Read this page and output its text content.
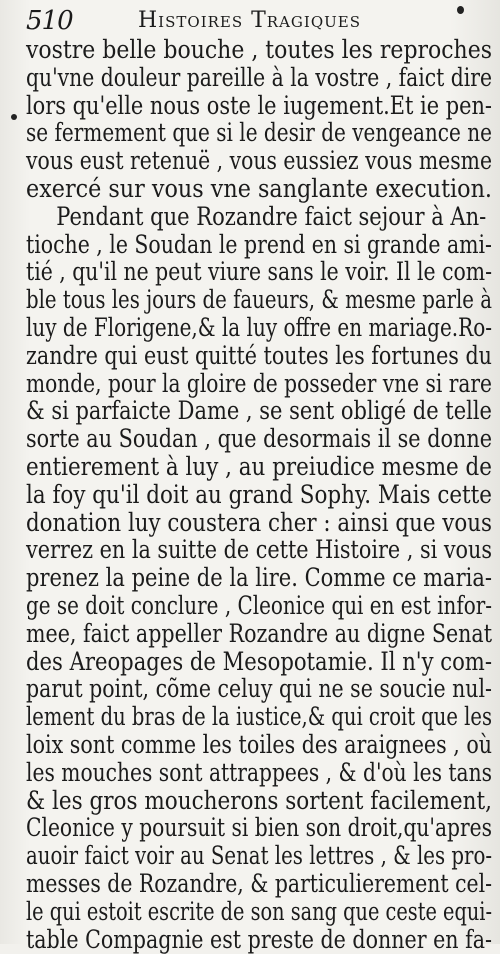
510	Histoires Tragiques
vostre belle bouche , toutes les reproches
qu'vne douleur pareille à la vostre , faict dire
lors qu'elle nous oste le iugement.Et ie pen-
se fermement que si le desir de vengeance ne
vous eust retenuë , vous eussiez vous mesme
exercé sur vous vne sanglante execution.
Pendant que Rozandre faict sejour à An-
tioche , le Soudan le prend en si grande ami-
tié , qu'il ne peut viure sans le voir. Il le com-
ble tous les jours de faueurs, & mesme parle à
luy de Florigene,& la luy offre en mariage.Ro-
zandre qui eust quitté toutes les fortunes du
monde, pour la gloire de posseder vne si rare
& si parfaicte Dame , se sent obligé de telle
sorte au Soudan , que desormais il se donne
entierement à luy , au preiudice mesme de
la foy qu'il doit au grand Sophy. Mais cette
donation luy coustera cher : ainsi que vous
verrez en la suitte de cette Histoire , si vous
prenez la peine de la lire. Comme ce maria-
ge se doit conclure , Cleonice qui en est infor-
mee, faict appeller Rozandre au digne Senat
des Areopages de Mesopotamie. Il n'y com-
parut point, cõme celuy qui ne se soucie nul-
lement du bras de la iustice,& qui croit que les
loix sont comme les toiles des araignees , où
les mouches sont attrappees , & d'où les tans
& les gros moucherons sortent facilement,
Cleonice y poursuit si bien son droit,qu'apres
auoir faict voir au Senat les lettres , & les pro-
messes de Rozandre, & particulierement cel-
le qui estoit escrite de son sang que ceste equi-
table Compagnie est preste de donner en fa-
